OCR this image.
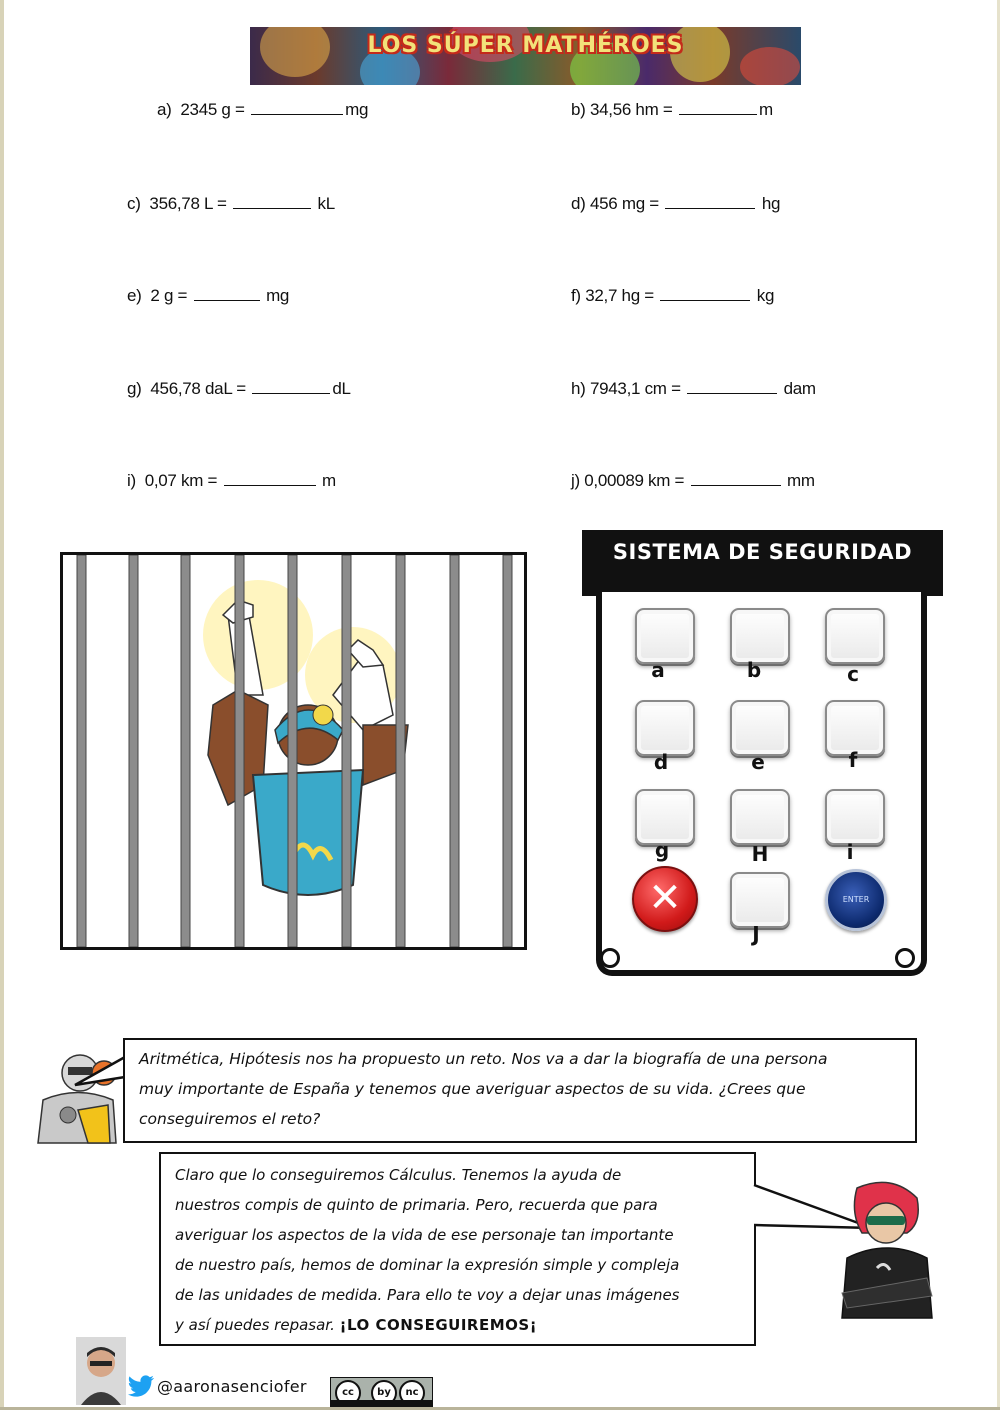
LOS SÚPER MATHÉROES
a) 2345 g =	mg	b) 34,56 hm =	m
c) 356,78 L =	kL	d) 456 mg =	hg
e) 2 g =	mg	f) 32,7 hg =	kg
g) 456,78 daL =	dL	h) 7943,1 cm =	dam
i) 0,07 km =	m	j) 0,00089 km =	mm
SISTEMA DE SEGURIDAD
a	b	c
d	e	f
g	H	i
✕
J
ENTER
Aritmética, Hipótesis nos ha propuesto un reto. Nos va a dar la biografía de una persona
muy importante de España y tenemos que averiguar aspectos de su vida. ¿Crees que
conseguiremos el reto?
Claro que lo conseguiremos Cálculus. Tenemos la ayuda de
nuestros compis de quinto de primaria. Pero, recuerda que para
averiguar los aspectos de la vida de ese personaje tan importante
de nuestro país, hemos de dominar la expresión simple y compleja
de las unidades de medida. Para ello te voy a dejar unas imágenes
y así puedes repasar. ¡LO CONSEGUIREMOS¡
@aaronasenciofer	cc	by	nc
